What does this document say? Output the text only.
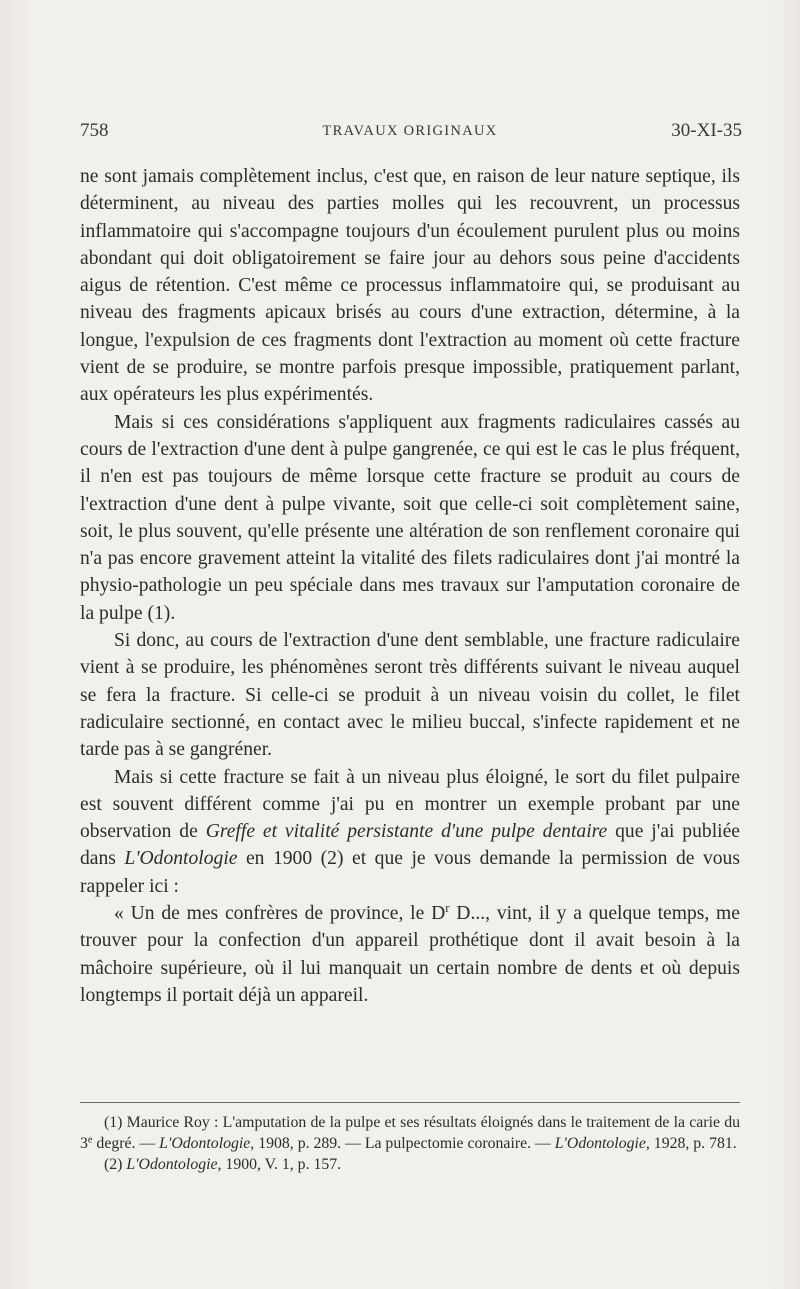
758	TRAVAUX ORIGINAUX	30-XI-35

ne sont jamais complètement inclus, c'est que, en raison de leur nature septique, ils déterminent, au niveau des parties molles qui les recouvrent, un processus inflammatoire qui s'accompagne toujours d'un écoulement purulent plus ou moins abondant qui doit obligatoirement se faire jour au dehors sous peine d'accidents aigus de rétention. C'est même ce processus inflammatoire qui, se produisant au niveau des fragments apicaux brisés au cours d'une extraction, détermine, à la longue, l'expulsion de ces fragments dont l'extraction au moment où cette fracture vient de se produire, se montre parfois presque impossible, pratiquement parlant, aux opérateurs les plus expérimentés.

Mais si ces considérations s'appliquent aux fragments radiculaires cassés au cours de l'extraction d'une dent à pulpe gangrenée, ce qui est le cas le plus fréquent, il n'en est pas toujours de même lorsque cette fracture se produit au cours de l'extraction d'une dent à pulpe vivante, soit que celle-ci soit complètement saine, soit, le plus souvent, qu'elle présente une altération de son renflement coronaire qui n'a pas encore gravement atteint la vitalité des filets radiculaires dont j'ai montré la physio-pathologie un peu spéciale dans mes travaux sur l'amputation coronaire de la pulpe (1).

Si donc, au cours de l'extraction d'une dent semblable, une fracture radiculaire vient à se produire, les phénomènes seront très différents suivant le niveau auquel se fera la fracture. Si celle-ci se produit à un niveau voisin du collet, le filet radiculaire sectionné, en contact avec le milieu buccal, s'infecte rapidement et ne tarde pas à se gangréner.

Mais si cette fracture se fait à un niveau plus éloigné, le sort du filet pulpaire est souvent différent comme j'ai pu en montrer un exemple probant par une observation de Greffe et vitalité persistante d'une pulpe dentaire que j'ai publiée dans L'Odontologie en 1900 (2) et que je vous demande la permission de vous rappeler ici :

« Un de mes confrères de province, le $D^r$ D..., vint, il y a quelque temps, me trouver pour la confection d'un appareil prothétique dont il avait besoin à la mâchoire supérieure, où il lui manquait un certain nombre de dents et où depuis longtemps il portait déjà un appareil.

(1) Maurice Roy : L'amputation de la pulpe et ses résultats éloignés dans le traitement de la carie du 3e degré. — L'Odontologie, 1908, p. 289. — La pulpectomie coronaire. — L'Odontologie, 1928, p. 781.

(2) L'Odontologie, 1900, V. 1, p. 157.
